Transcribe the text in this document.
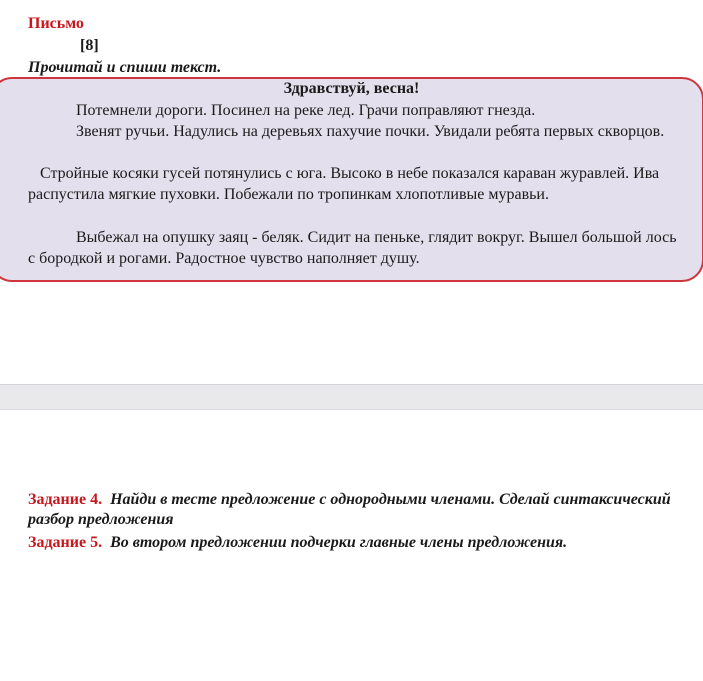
Письмо
[8]
Прочитай и спиши текст.
Здравствуй, весна!

Потемнели дороги. Посинел на реке лед. Грачи поправляют гнезда.

Звенят ручьи. Надулись на деревьях пахучие почки. Увидали ребята первых скворцов.

Стройные косяки гусей потянулись с юга. Высоко в небе показался караван журавлей. Ива распустила мягкие пуховки. Побежали по тропинкам хлопотливые муравьи.

Выбежал на опушку заяц - беляк. Сидит на пеньке, глядит вокруг. Вышел большой лось с бородкой и рогами. Радостное чувство наполняет душу.

Задание 4. Найди в тесте предложение с однородными членами. Сделай синтаксический разбор предложения

Задание 5. Во втором предложении подчерки главные члены предложения.
